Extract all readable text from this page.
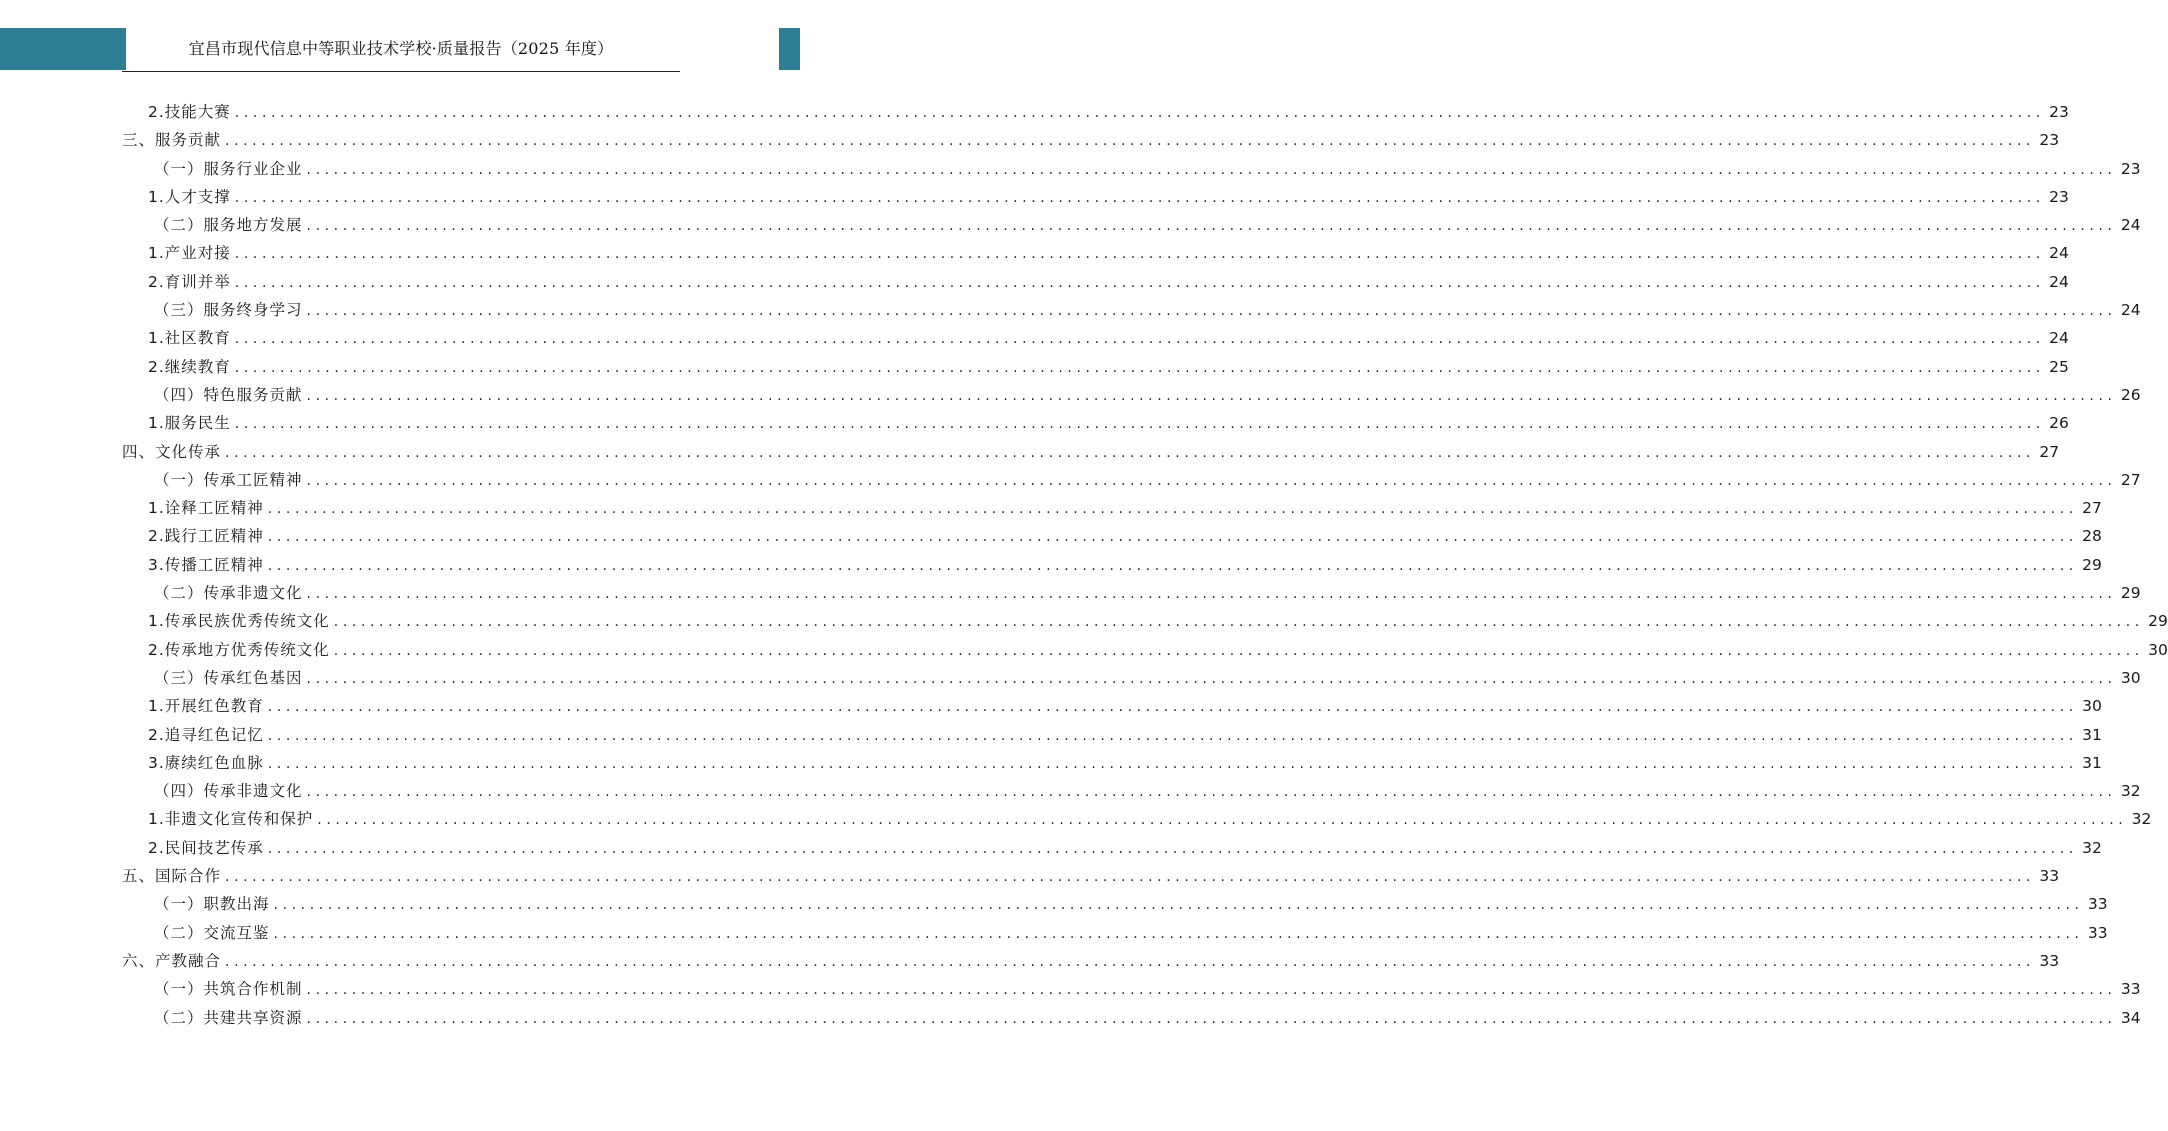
宜昌市现代信息中等职业技术学校·质量报告（2025 年度）
2.技能大赛 ........................................................................................................................................................................................................ 23
三、服务贡献 ........................................................................................................................................................................................................ 23
（一）服务行业企业 ........................................................................................................................................................................................................ 23
1.人才支撑 ........................................................................................................................................................................................................ 23
（二）服务地方发展 ........................................................................................................................................................................................................ 24
1.产业对接 ........................................................................................................................................................................................................ 24
2.育训并举 ........................................................................................................................................................................................................ 24
（三）服务终身学习 ........................................................................................................................................................................................................ 24
1.社区教育 ........................................................................................................................................................................................................ 24
2.继续教育 ........................................................................................................................................................................................................ 25
（四）特色服务贡献 ........................................................................................................................................................................................................ 26
1.服务民生 ........................................................................................................................................................................................................ 26
四、文化传承 ........................................................................................................................................................................................................ 27
（一）传承工匠精神 ........................................................................................................................................................................................................ 27
1.诠释工匠精神 ........................................................................................................................................................................................................ 27
2.践行工匠精神 ........................................................................................................................................................................................................ 28
3.传播工匠精神 ........................................................................................................................................................................................................ 29
（二）传承非遗文化 ........................................................................................................................................................................................................ 29
1.传承民族优秀传统文化 ........................................................................................................................................................................................................ 29
2.传承地方优秀传统文化 ........................................................................................................................................................................................................ 30
（三）传承红色基因 ........................................................................................................................................................................................................ 30
1.开展红色教育 ........................................................................................................................................................................................................ 30
2.追寻红色记忆 ........................................................................................................................................................................................................ 31
3.赓续红色血脉 ........................................................................................................................................................................................................ 31
（四）传承非遗文化 ........................................................................................................................................................................................................ 32
1.非遗文化宣传和保护 ........................................................................................................................................................................................................ 32
2.民间技艺传承 ........................................................................................................................................................................................................ 32
五、国际合作 ........................................................................................................................................................................................................ 33
（一）职教出海 ........................................................................................................................................................................................................ 33
（二）交流互鉴 ........................................................................................................................................................................................................ 33
六、产教融合 ........................................................................................................................................................................................................ 33
（一）共筑合作机制 ........................................................................................................................................................................................................ 33
（二）共建共享资源 ........................................................................................................................................................................................................ 34
